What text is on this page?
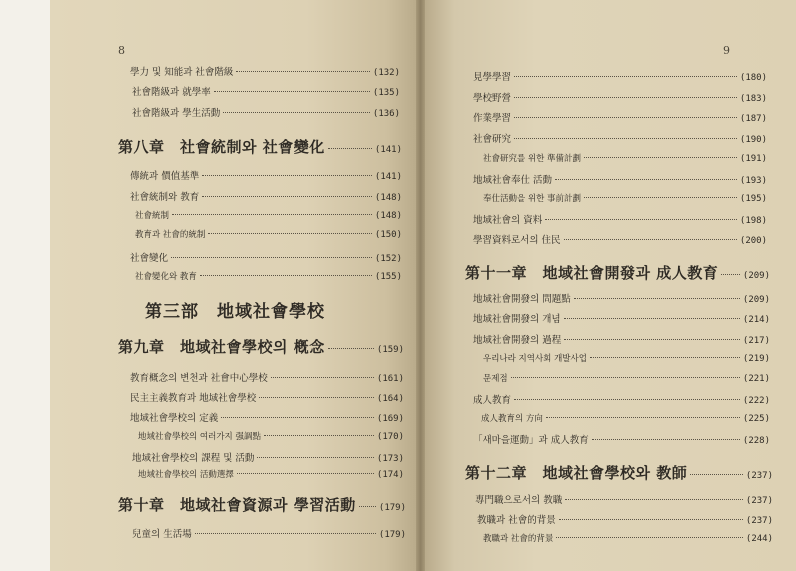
8
學力 및 知能과 社會階級	(132)
社會階級과 就學率	(135)
社會階級과 學生活動	(136)
第八章　社會統制와 社會變化	(141)
傳統과 價值基準	(141)
社會統制와 教育	(148)
社會統制	(148)
教育과 社會的統制	(150)
社會變化	(152)
社會變化와 教育	(155)
第三部　地域社會學校
第九章　地域社會學校의 槪念	(159)
教育概念의 변천과 社會中心學校	(161)
民主主義教育과 地域社會學校	(164)
地域社會學校의 定義	(169)
地域社會學校의 여러가지 强調點	(170)
地域社會學校의 課程 및 活動	(173)
地域社會學校의 活動選擇	(174)
第十章　地域社會資源과 學習活動	(179)
兒童의 生活場	(179)
9
見學學習	(180)
學校野營	(183)
作業學習	(187)
社會研究	(190)
社會研究를 위한 準備計劃	(191)
地域社會奉仕 活動	(193)
奉仕活動을 위한 事前計劃	(195)
地域社會의 資料	(198)
學習資料로서의 住民	(200)
第十一章　地域社會開發과 成人教育	(209)
地域社會開發의 問題點	(209)
地域社會開發의 개념	(214)
地域社會開發의 過程	(217)
우리나라 지역사회 개발사업	(219)
문제점	(221)
成人教育	(222)
成人教育의 方向	(225)
「새마을運動」과 成人教育	(228)
第十二章　地域社會學校와 教師	(237)
專門職으로서의 教職	(237)
教職과 社會的背景	(237)
教職과 社會的背景	(244)
